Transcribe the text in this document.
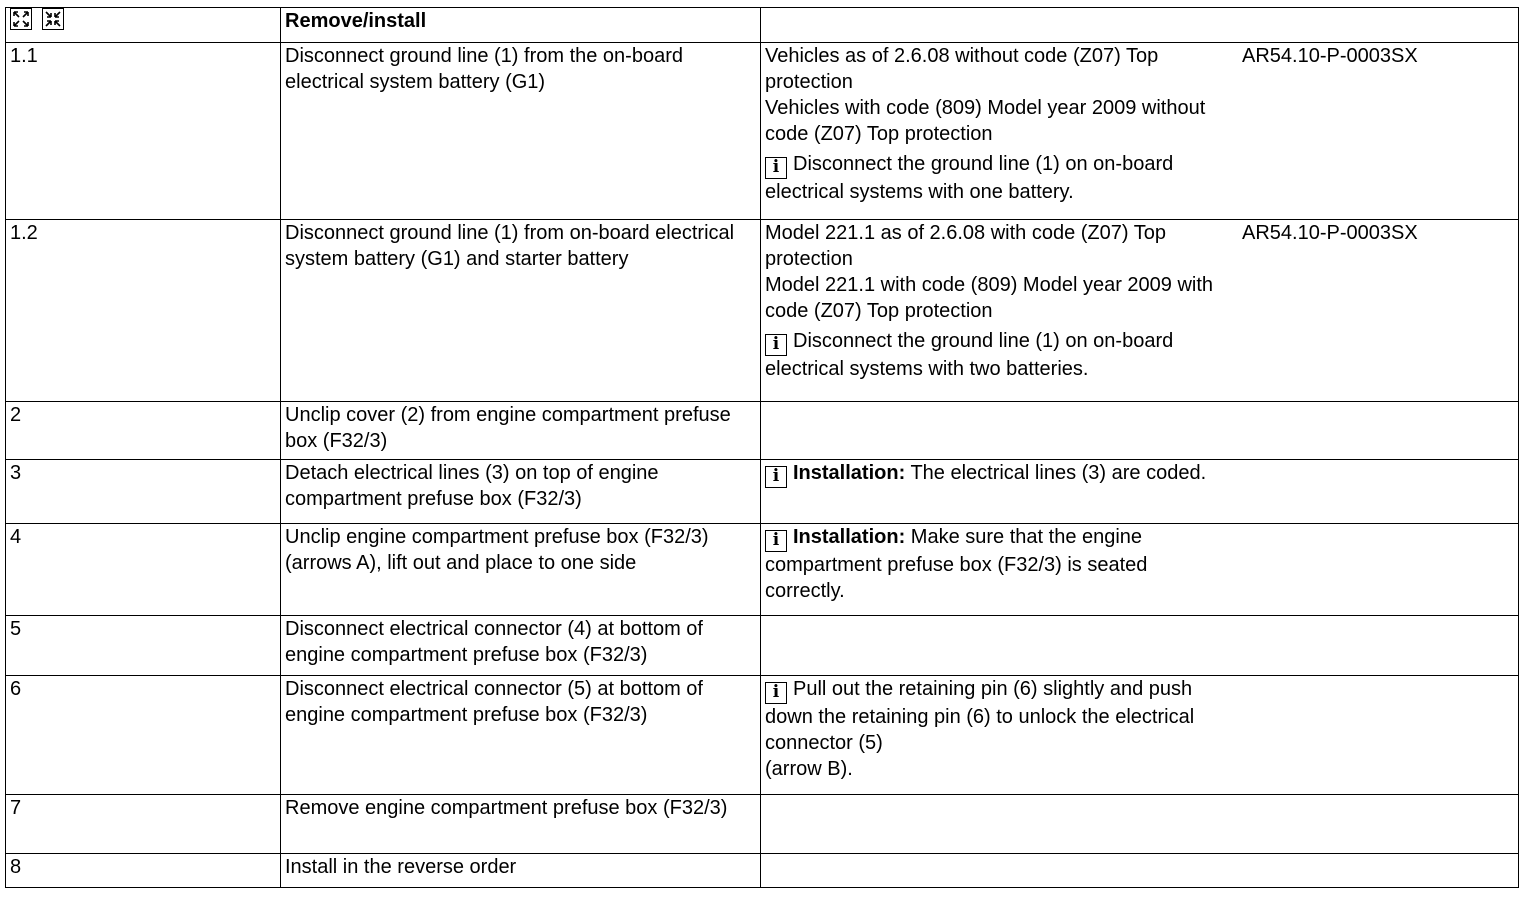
	Remove/install	
1.1	Disconnect ground line (1) from the on-board electrical system battery (G1)	Vehicles as of 2.6.08 without code (Z07) Top protection
Vehicles with code (809) Model year 2009 without code (Z07) Top protection
i Disconnect the ground line (1) on on-board electrical systems with one battery.
AR54.10-P-0003SX

1.2	Disconnect ground line (1) from on-board electrical system battery (G1) and starter battery	Model 221.1 as of 2.6.08 with code (Z07) Top protection
Model 221.1 with code (809) Model year 2009 with code (Z07) Top protection
i Disconnect the ground line (1) on on-board electrical systems with two batteries.
AR54.10-P-0003SX

2	Unclip cover (2) from engine compartment prefuse box (F32/3)	
3	Detach electrical lines (3) on top of engine compartment prefuse box (F32/3)	i Installation: The electrical lines (3) are coded.

4	Unclip engine compartment prefuse box (F32/3) (arrows A), lift out and place to one side	i Installation: Make sure that the engine compartment prefuse box (F32/3) is seated correctly.

5	Disconnect electrical connector (4) at bottom of engine compartment prefuse box (F32/3)	
6	Disconnect electrical connector (5) at bottom of engine compartment prefuse box (F32/3)	i Pull out the retaining pin (6) slightly and push down the retaining pin (6) to unlock the electrical connector (5)
(arrow B).

7	Remove engine compartment prefuse box (F32/3)	
8	Install in the reverse order	
